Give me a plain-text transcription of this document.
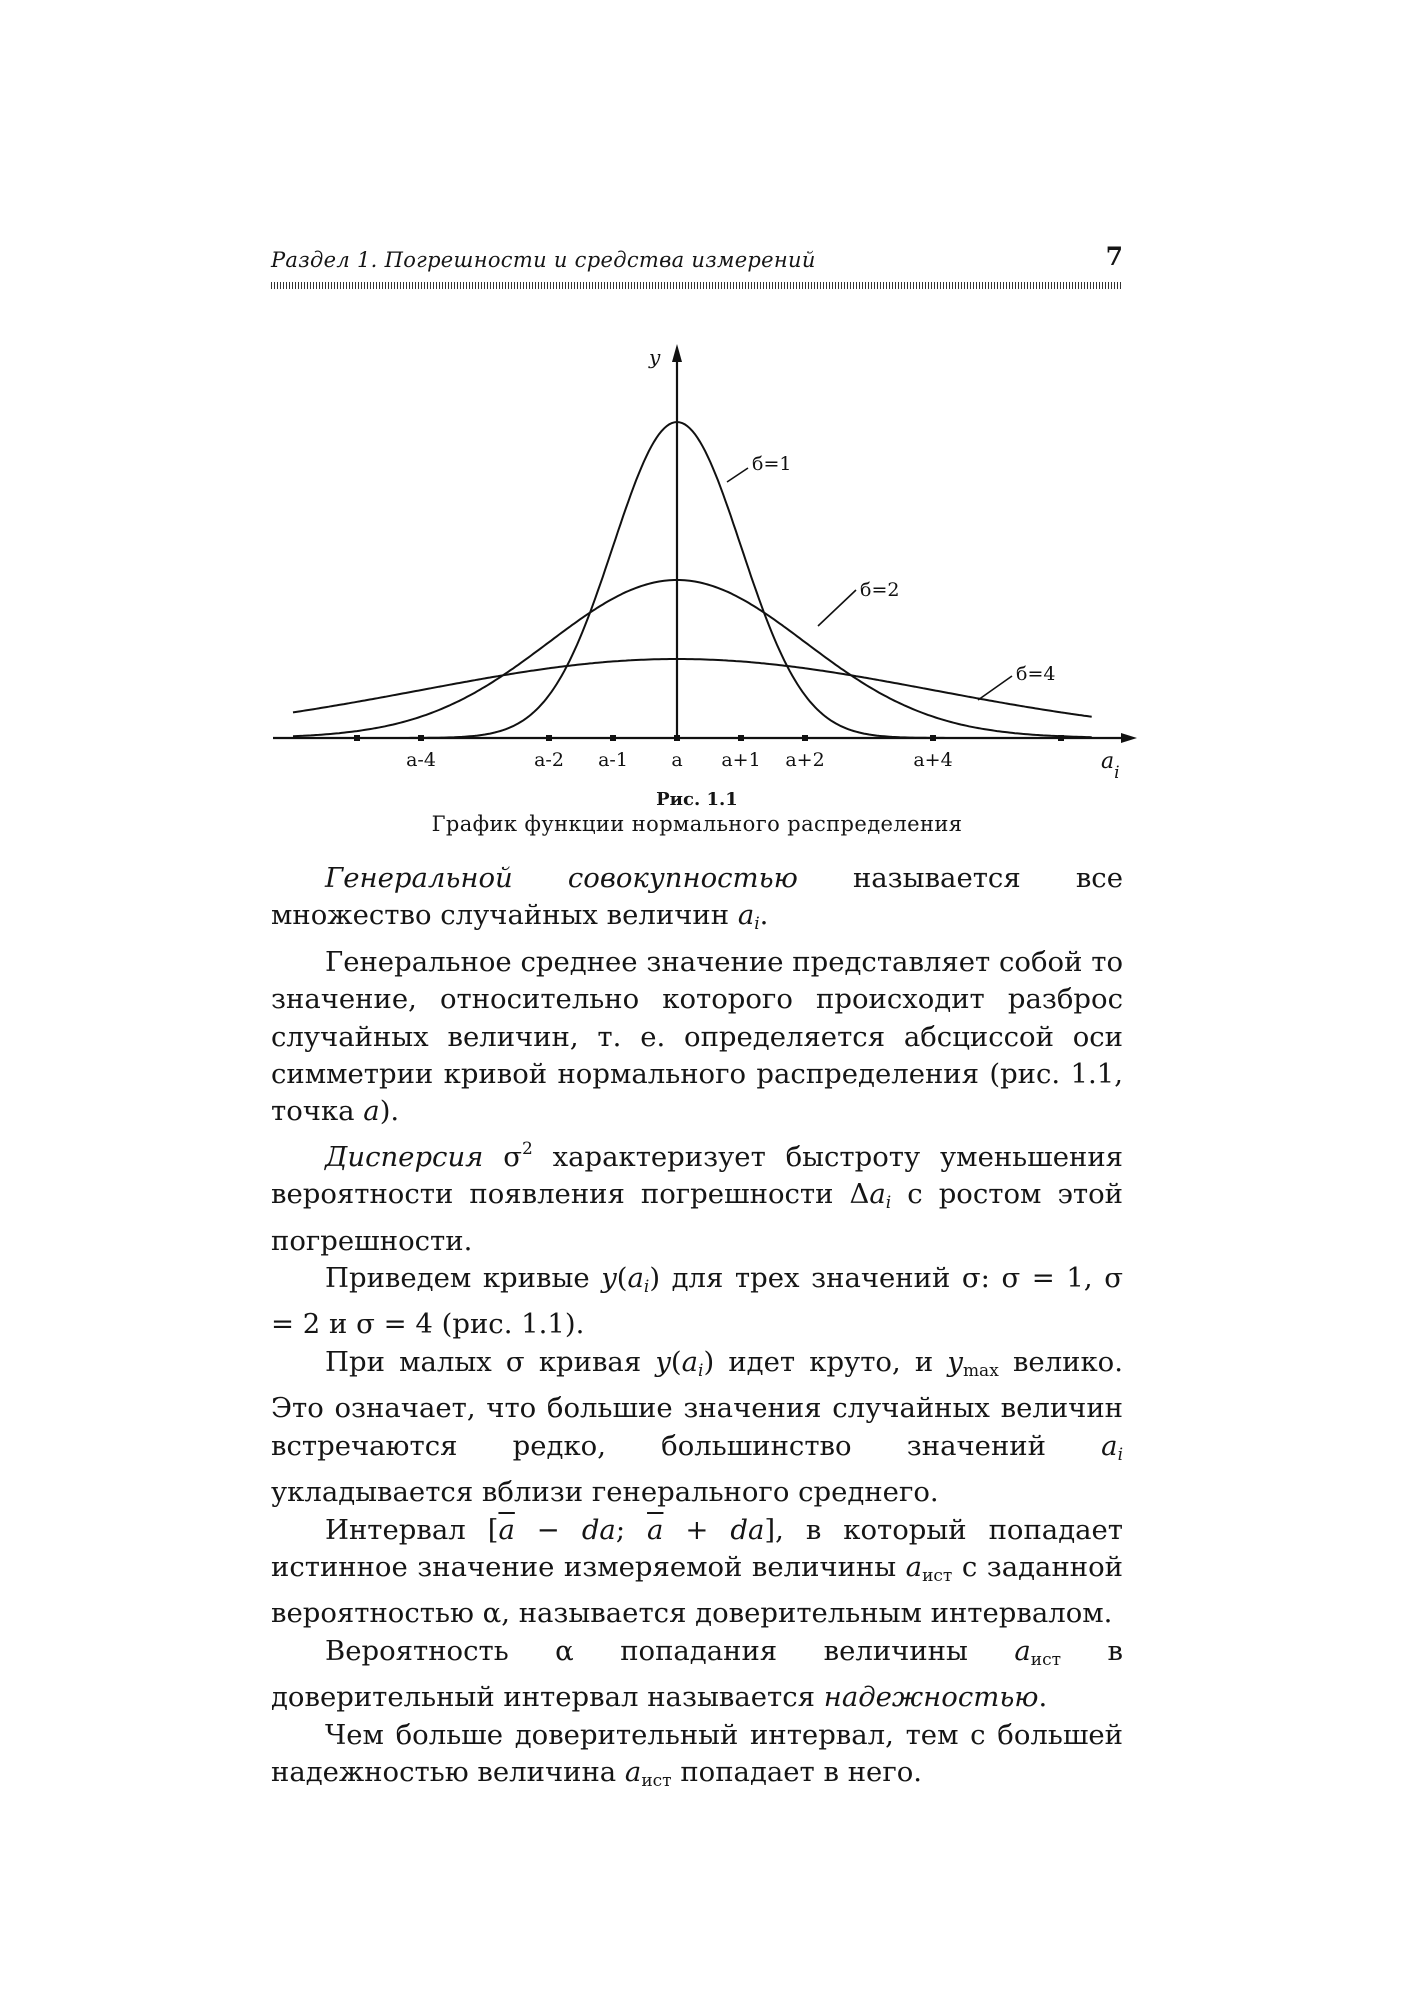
Раздел 1. Погрешности и средства измерений	7
y
$a_i$
a-4	a-2 a-1 a a+1 a+2	a+4
б=1
б=2
б=4
Рис. 1.1
График функции нормального распределения

Генеральной совокупностью называется все множество случайных величин $a_i$.

Генеральное среднее значение представляет собой то значение, относительно которого происходит разброс случайных величин, т. е. определяется абсциссой оси симметрии кривой нормального распределения (рис. 1.1, точка a).

Дисперсия $\sigma^2$ характеризует быстроту уменьшения вероятности появления погрешности $\Delta a_i$ с ростом этой погрешности.

Приведем кривые $y(a_i)$ для трех значений σ: σ = 1, σ = 2 и σ = 4 (рис. 1.1).

При малых σ кривая $y(a_i)$ идет круто, и $y_{max}$ велико. Это означает, что большие значения случайных величин встречаются редко, большинство значений $a_i$ укладывается вблизи генерального среднего.

Интервал [$\overline{a}$ − da; $\overline{a} + da$], в который попадает истинное значение измеряемой величины $a_{ист}$ с заданной вероятностью α, называется доверительным интервалом.

Вероятность α попадания величины $a_{ист}$ в доверительный интервал называется надежностью.

Чем больше доверительный интервал, тем с большей надежностью величина $a_{ист}$ попадает в него.
